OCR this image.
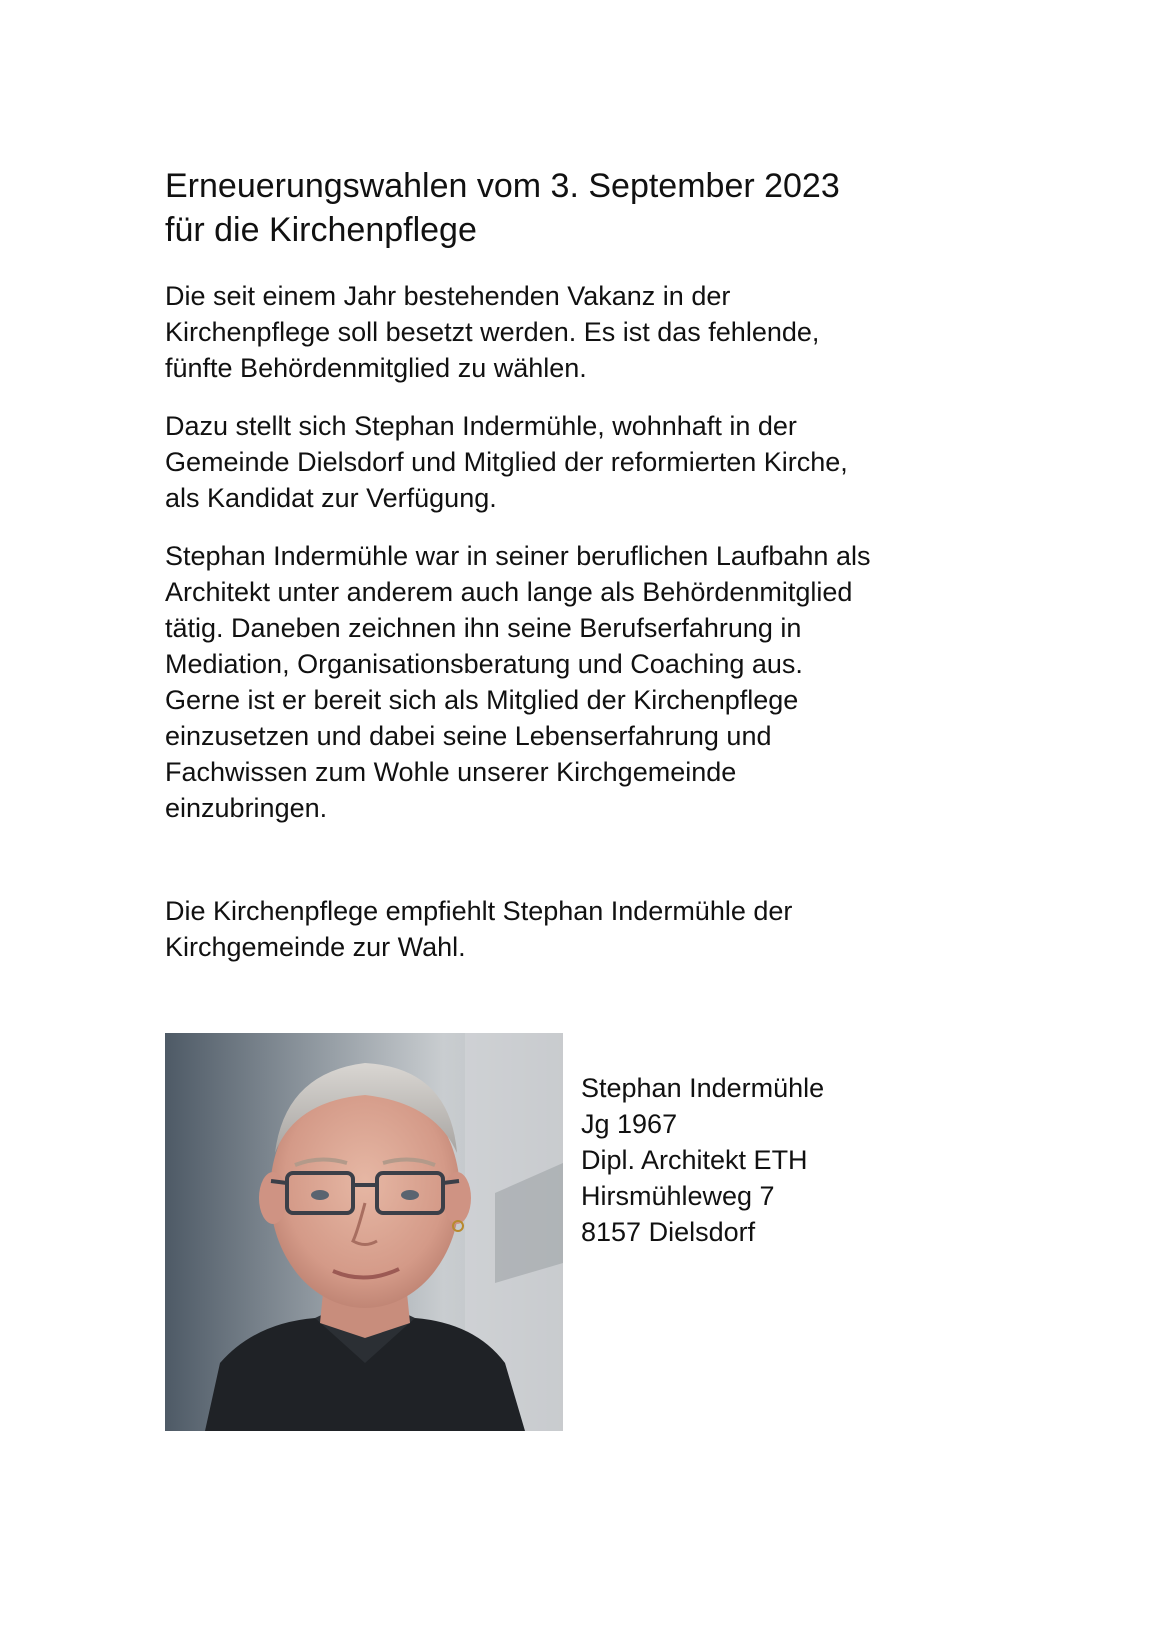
Erneuerungswahlen vom 3. September 2023
für die Kirchenpflege

Die seit einem Jahr bestehenden Vakanz in der
Kirchenpflege soll besetzt werden. Es ist das fehlende,
fünfte Behördenmitglied zu wählen.

Dazu stellt sich Stephan Indermühle, wohnhaft in der
Gemeinde Dielsdorf und Mitglied der reformierten Kirche,
als Kandidat zur Verfügung.

Stephan Indermühle war in seiner beruflichen Laufbahn als
Architekt unter anderem auch lange als Behördenmitglied
tätig. Daneben zeichnen ihn seine Berufserfahrung in
Mediation, Organisationsberatung und Coaching aus.
Gerne ist er bereit sich als Mitglied der Kirchenpflege
einzusetzen und dabei seine Lebenserfahrung und
Fachwissen zum Wohle unserer Kirchgemeinde
einzubringen.

Die Kirchenpflege empfiehlt Stephan Indermühle der
Kirchgemeinde zur Wahl.

Stephan Indermühle
Jg 1967
Dipl. Architekt ETH
Hirsmühleweg 7
8157 Dielsdorf
